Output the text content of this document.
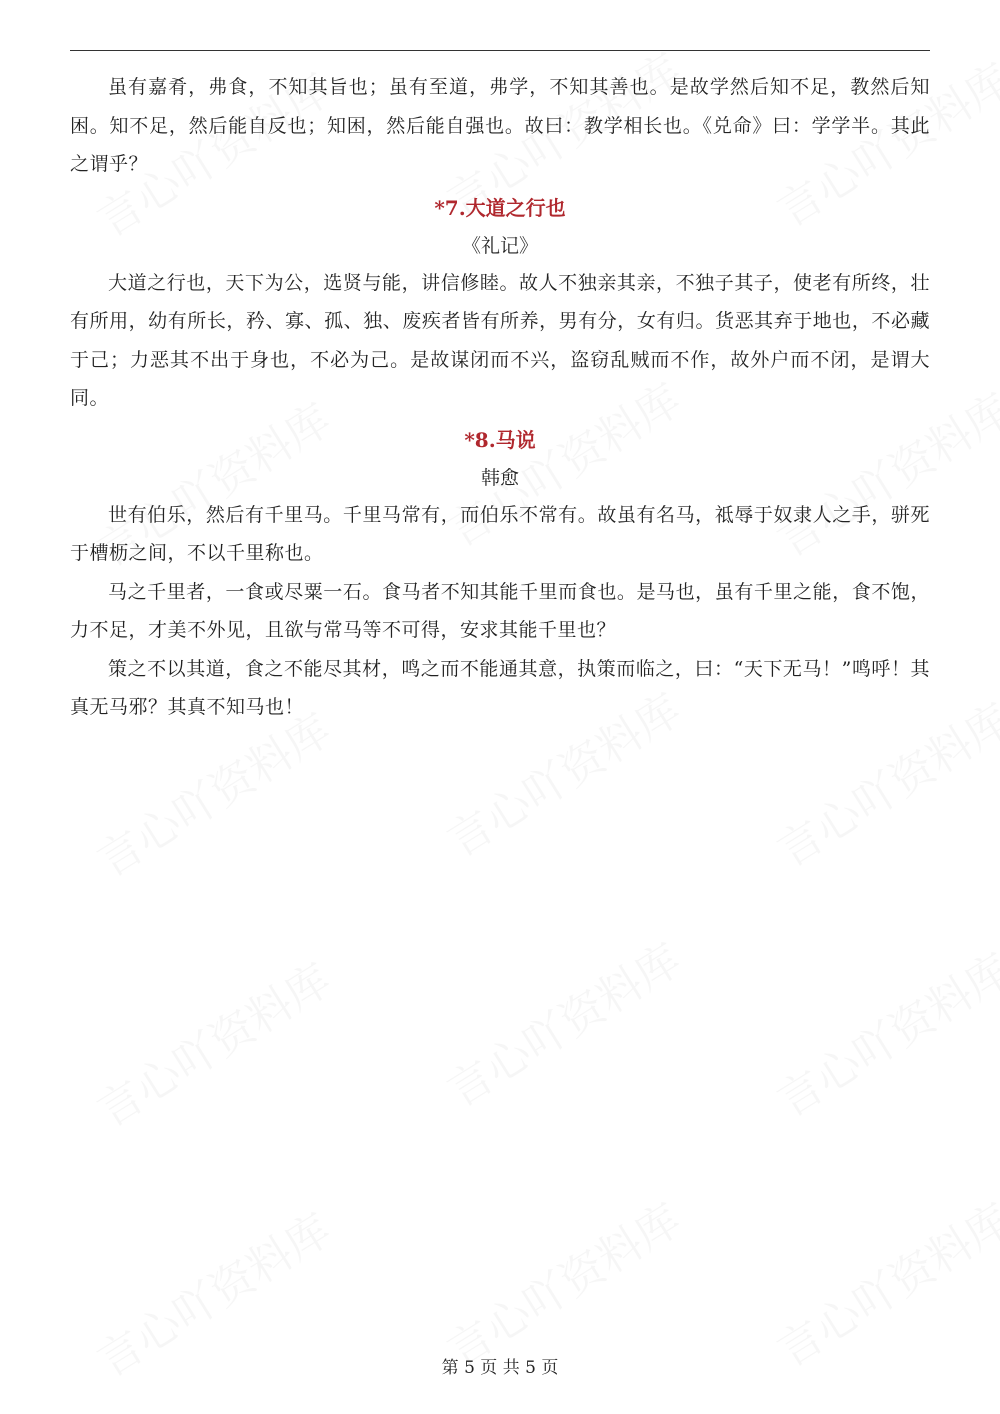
虽有嘉肴，弗食，不知其旨也；虽有至道，弗学，不知其善也。是故学然后知不足，教然后知困。知不足，然后能自反也；知困，然后能自强也。故曰：教学相长也。《兑命》曰：学学半。其此之谓乎？

*7.大道之行也

《礼记》

大道之行也，天下为公，选贤与能，讲信修睦。故人不独亲其亲，不独子其子，使老有所终，壮有所用，幼有所长，矜、寡、孤、独、废疾者皆有所养，男有分，女有归。货恶其弃于地也，不必藏于己；力恶其不出于身也，不必为己。是故谋闭而不兴，盗窃乱贼而不作，故外户而不闭，是谓大同。

*8.马说

韩愈

世有伯乐，然后有千里马。千里马常有，而伯乐不常有。故虽有名马，祗辱于奴隶人之手，骈死于槽枥之间，不以千里称也。

马之千里者，一食或尽粟一石。食马者不知其能千里而食也。是马也，虽有千里之能，食不饱，力不足，才美不外见，且欲与常马等不可得，安求其能千里也？

策之不以其道，食之不能尽其材，鸣之而不能通其意，执策而临之，曰：“天下无马！”鸣呼！其真无马邪？其真不知马也！

第 5 页 共 5 页
